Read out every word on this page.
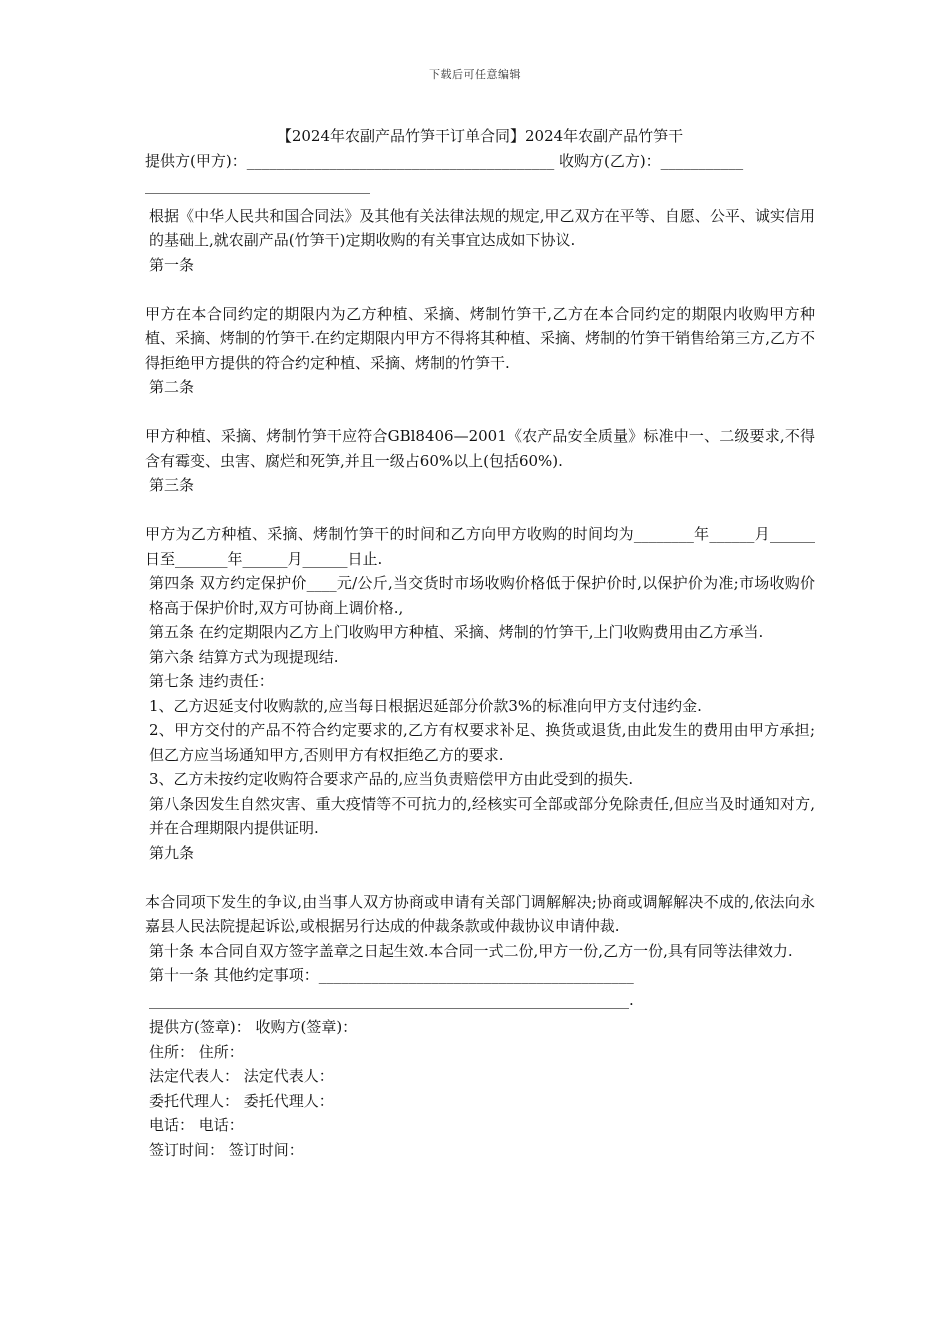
下载后可任意编辑
【2024年农副产品竹笋干订单合同】2024年农副产品竹笋干

提供方(甲方)：_________________________________________ 收购方(乙方)：___________

______________________________

根据《中华人民共和国合同法》及其他有关法律法规的规定,甲乙双方在平等、自愿、公平、诚实信用的基础上,就农副产品(竹笋干)定期收购的有关事宜达成如下协议.

第一条

甲方在本合同约定的期限内为乙方种植、采摘、烤制竹笋干,乙方在本合同约定的期限内收购甲方种植、采摘、烤制的竹笋干.在约定期限内甲方不得将其种植、采摘、烤制的竹笋干销售给第三方,乙方不得拒绝甲方提供的符合约定种植、采摘、烤制的竹笋干.

第二条

甲方种植、采摘、烤制竹笋干应符合GBl8406—2001《农产品安全质量》标准中一、二级要求,不得含有霉变、虫害、腐烂和死笋,并且一级占60%以上(包括60%).

第三条

甲方为乙方种植、采摘、烤制竹笋干的时间和乙方向甲方收购的时间均为________年______月______日至_______年______月______日止.

第四条 双方约定保护价____元/公斤,当交货时市场收购价格低于保护价时,以保护价为准;市场收购价格高于保护价时,双方可协商上调价格.,

第五条 在约定期限内乙方上门收购甲方种植、采摘、烤制的竹笋干,上门收购费用由乙方承当.

第六条 结算方式为现提现结.

第七条 违约责任：

1、乙方迟延支付收购款的,应当每日根据迟延部分价款3%的标准向甲方支付违约金.

2、甲方交付的产品不符合约定要求的,乙方有权要求补足、换货或退货,由此发生的费用由甲方承担;但乙方应当场通知甲方,否则甲方有权拒绝乙方的要求.

3、乙方未按约定收购符合要求产品的,应当负责赔偿甲方由此受到的损失.

第八条因发生自然灾害、重大疫情等不可抗力的,经核实可全部或部分免除责任,但应当及时通知对方,并在合理期限内提供证明.

第九条

本合同项下发生的争议,由当事人双方协商或申请有关部门调解解决;协商或调解解决不成的,依法向永嘉县人民法院提起诉讼,或根据另行达成的仲裁条款或仲裁协议申请仲裁.

第十条 本合同自双方签字盖章之日起生效.本合同一式二份,甲方一份,乙方一份,具有同等法律效力.

第十一条 其他约定事项：__________________________________________

________________________________________________________________.

提供方(签章)： 收购方(签章)：

住所： 住所：

法定代表人： 法定代表人：

委托代理人： 委托代理人：

电话： 电话：

签订时间： 签订时间：
